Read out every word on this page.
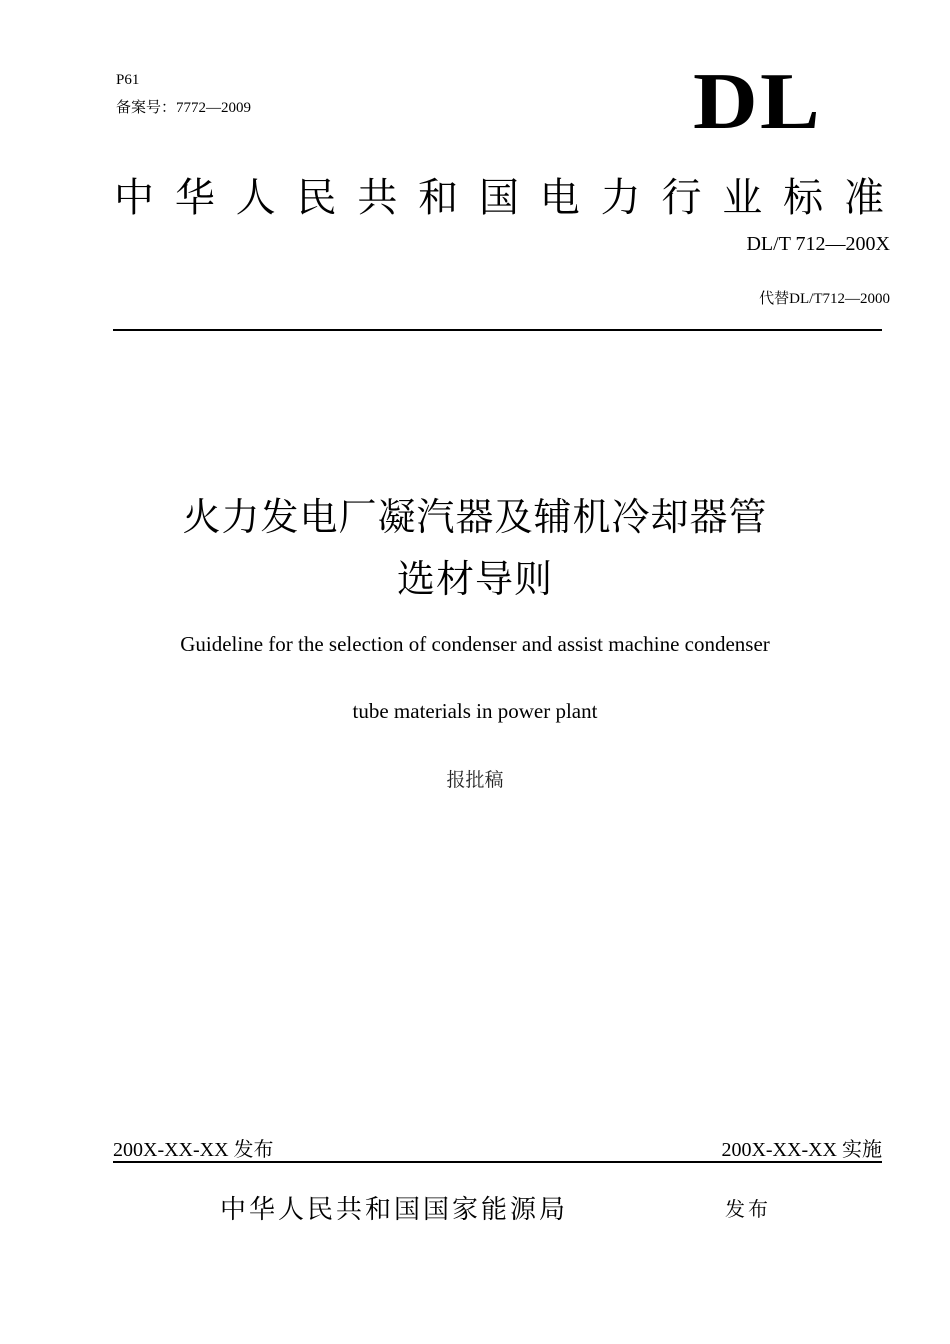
P61
备案号：7772—2009	DL
中 华 人 民 共 和 国 电 力 行 业 标 准
DL/T 712—200X
代替DL/T712—2000
火力发电厂凝汽器及辅机冷却器管
选材导则
Guideline for the selection of condenser and assist machine condenser
tube materials in power plant
报批稿
200X-XX-XX 发布	200X-XX-XX 实施
中华人民共和国国家能源局	发布
